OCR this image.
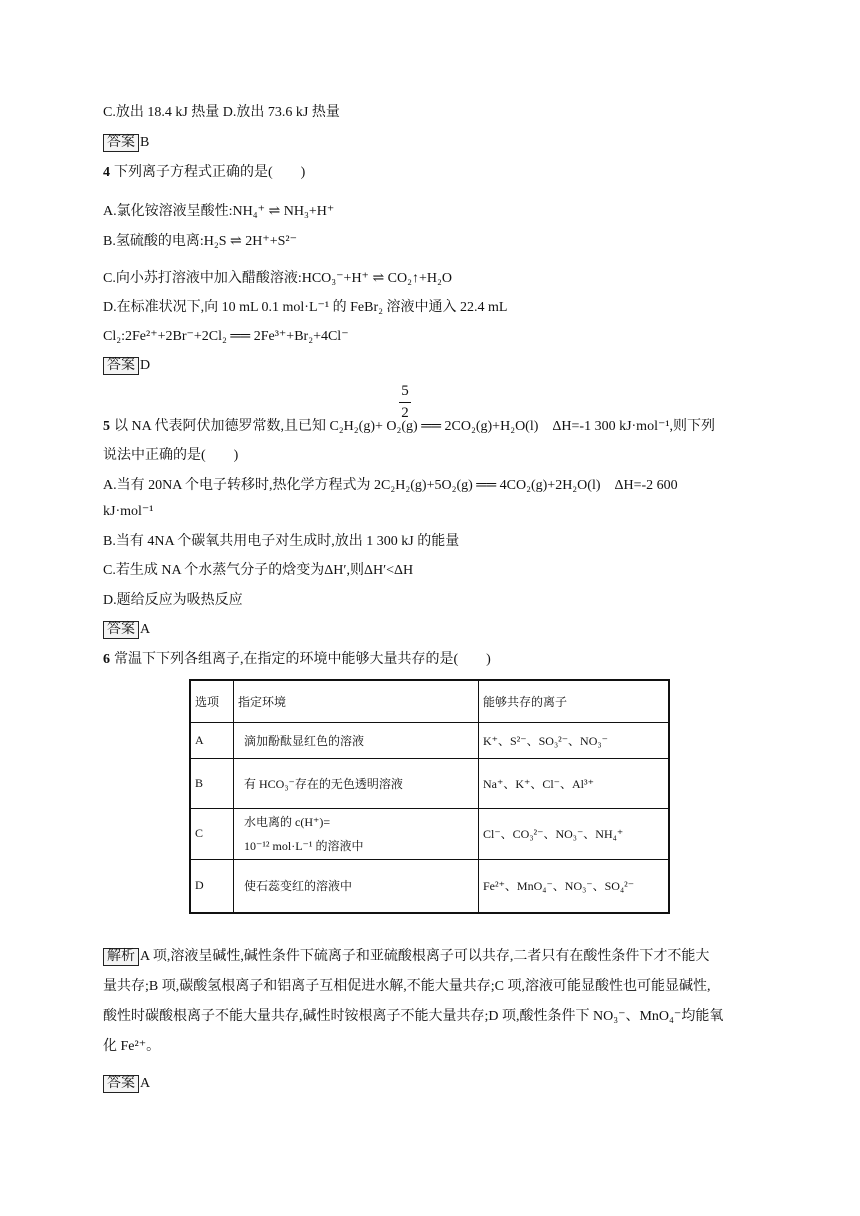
C.放出 18.4 kJ 热量 D.放出 73.6 kJ 热量
答案 B
4 下列离子方程式正确的是(　　)
A.氯化铵溶液呈酸性:NH₄⁺ ⇌ NH₃+H⁺
B.氢硫酸的电离:H₂S ⇌ 2H⁺+S²⁻
C.向小苏打溶液中加入醋酸溶液:HCO₃⁻+H⁺ ⇌ CO₂↑+H₂O
D.在标准状况下,向 10 mL 0.1 mol·L⁻¹ 的 FeBr₂ 溶液中通入 22.4 mL
Cl₂:2Fe²⁺+2Br⁻+2Cl₂ ══ 2Fe³⁺+Br₂+4Cl⁻
答案 D
5
2
5 以 NA 代表阿伏加德罗常数,且已知 C₂H₂(g)+ O₂(g) ══ 2CO₂(g)+H₂O(l)　ΔH=-1 300 kJ·mol⁻¹,则下列
说法中正确的是(　　)
A.当有 20NA 个电子转移时,热化学方程式为 2C₂H₂(g)+5O₂(g) ══ 4CO₂(g)+2H₂O(l)　ΔH=-2 600
kJ·mol⁻¹
B.当有 4NA 个碳氧共用电子对生成时,放出 1 300 kJ 的能量
C.若生成 NA 个水蒸气分子的焓变为ΔH′,则ΔH′<ΔH
D.题给反应为吸热反应
答案 A
6 常温下下列各组离子,在指定的环境中能够大量共存的是(　　)
选项	指定环境	能够共存的离子
A	滴加酚酞显红色的溶液	K⁺、S²⁻、SO₃²⁻、NO₃⁻
B	有 HCO₃⁻存在的无色透明溶液	Na⁺、K⁺、Cl⁻、Al³⁺
C	水电离的 c(H⁺)=
10⁻¹² mol·L⁻¹ 的溶液中	Cl⁻、CO₃²⁻、NO₃⁻、NH₄⁺
D	使石蕊变红的溶液中	Fe²⁺、MnO₄⁻、NO₃⁻、SO₄²⁻
解析 A 项,溶液呈碱性,碱性条件下硫离子和亚硫酸根离子可以共存,二者只有在酸性条件下才不能大
量共存;B 项,碳酸氢根离子和铝离子互相促进水解,不能大量共存;C 项,溶液可能显酸性也可能显碱性,
酸性时碳酸根离子不能大量共存,碱性时铵根离子不能大量共存;D 项,酸性条件下 NO₃⁻、MnO₄⁻均能氧
化 Fe²⁺。
答案 A
